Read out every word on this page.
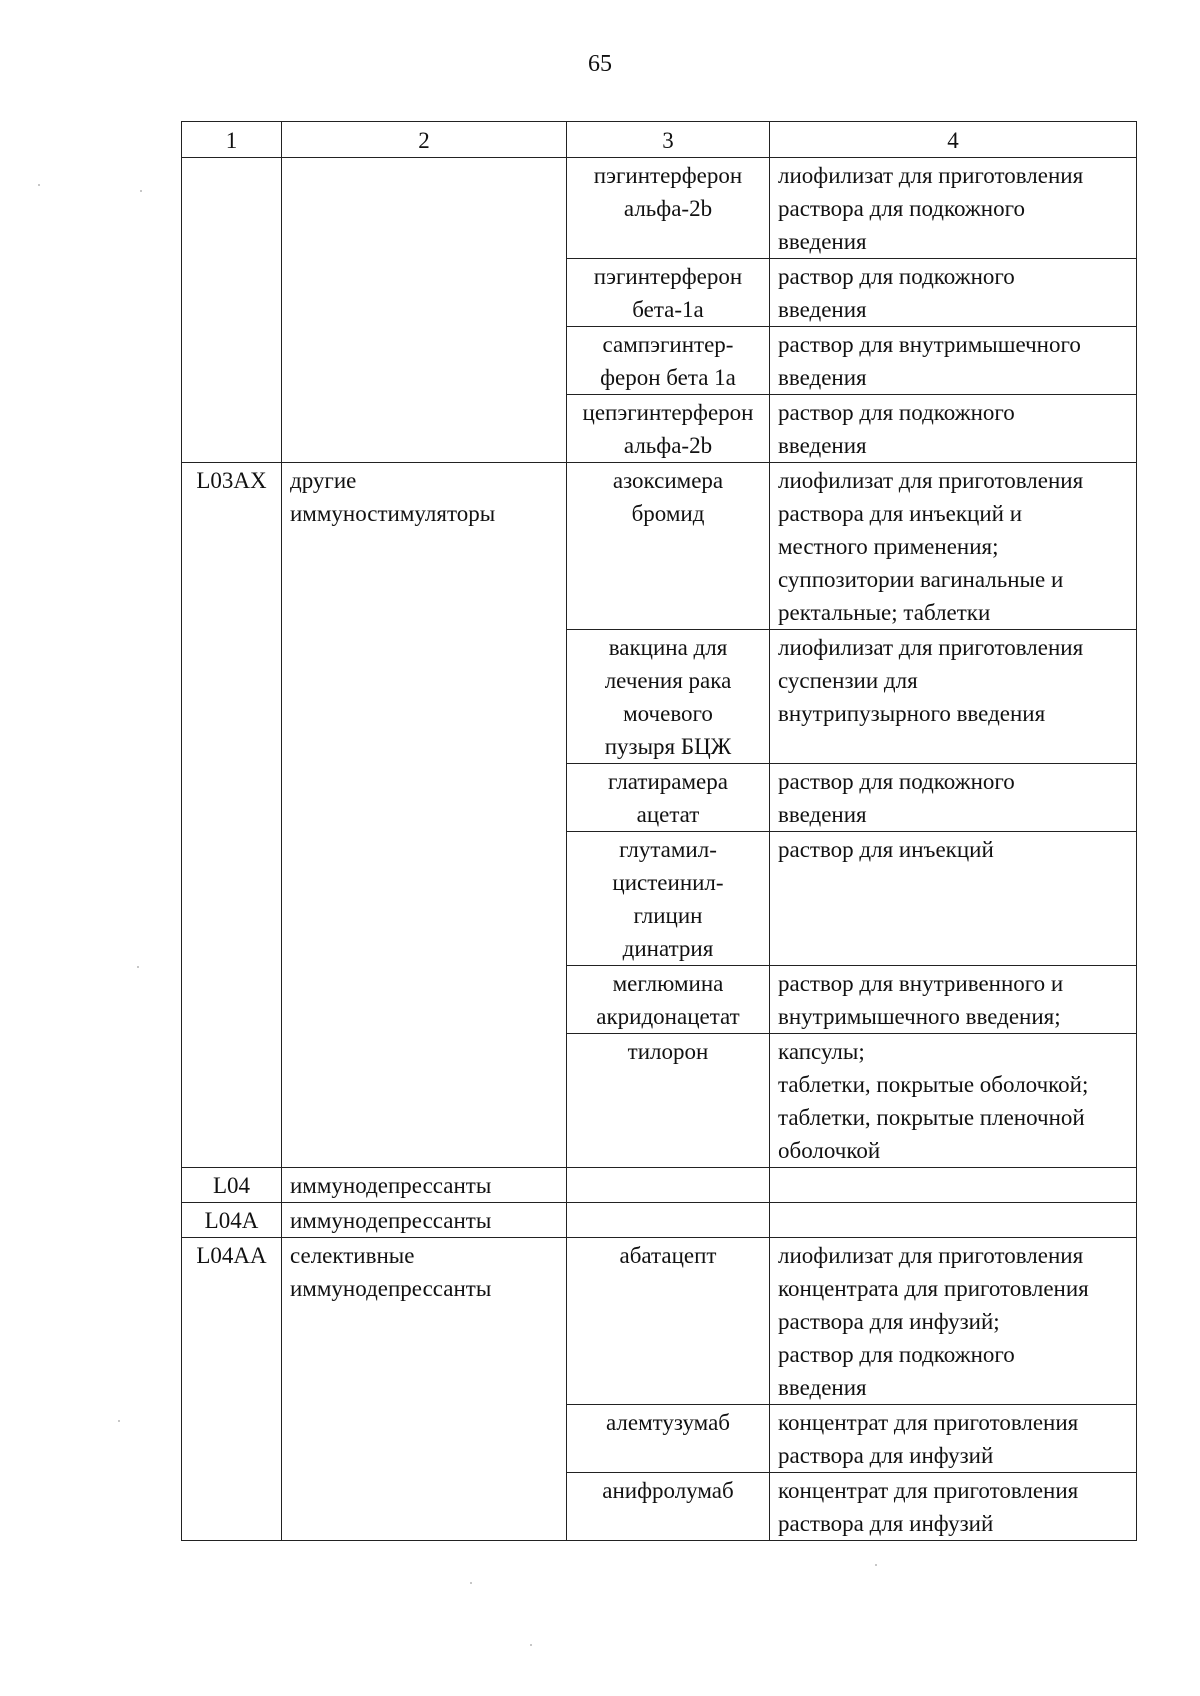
65
1	2	3	4

		пэгинтерферон
альфа-2b	лиофилизат для приготовления
раствора для подкожного
введения

		пэгинтерферон
бета-1a	раствор для подкожного
введения

		сампэгинтер-
ферон бета 1а	раствор для внутримышечного
введения

		цепэгинтерферон
альфа-2b	раствор для подкожного
введения

L03AX	другие
иммуностимуляторы	азоксимера
бромид	лиофилизат для приготовления
раствора для инъекций и
местного применения;
суппозитории вагинальные и
ректальные; таблетки

		вакцина для
лечения рака
мочевого
пузыря БЦЖ	лиофилизат для приготовления
суспензии для
внутрипузырного введения

		глатирамера
ацетат	раствор для подкожного
введения

		глутамил-
цистеинил-
глицин
динатрия	раствор для инъекций

		меглюмина
акридонацетат	раствор для внутривенного и
внутримышечного введения;

		тилорон	капсулы;
таблетки, покрытые оболочкой;
таблетки, покрытые пленочной
оболочкой

L04	иммунодепрессанты		

L04A	иммунодепрессанты		

L04AA	селективные
иммунодепрессанты	абатацепт	лиофилизат для приготовления
концентрата для приготовления
раствора для инфузий;
раствор для подкожного
введения

		алемтузумаб	концентрат для приготовления
раствора для инфузий

		анифролумаб	концентрат для приготовления
раствора для инфузий
